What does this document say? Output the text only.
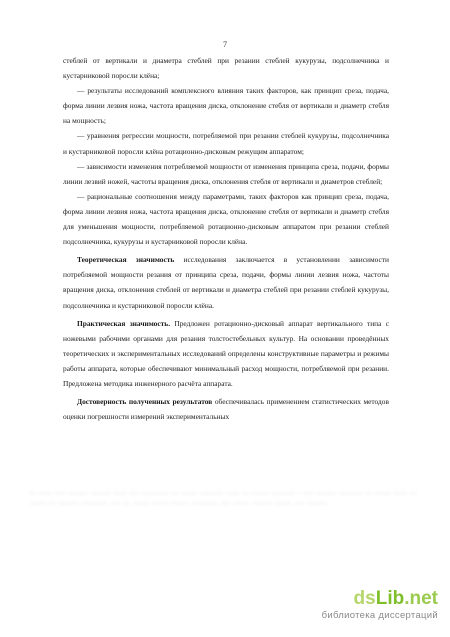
7

стеблей от вертикали и диаметра стеблей при резании стеблей кукурузы, подсолнечника и кустарниковой поросли клёна;

— результаты исследований комплексного влияния таких факторов, как принцип среза, подача, форма линии лезвия ножа, частота вращения диска, отклонение стебля от вертикали и диаметр стебля на мощность;

— уравнения регрессии мощности, потребляемой при резании стеблей кукурузы, подсолнечника и кустарниковой поросли клёна ротационно-дисковым режущим аппаратом;

— зависимости изменения потребляемой мощности от изменения принципа среза, подачи, формы линии лезвий ножей, частоты вращения диска, отклонения стебля от вертикали и диаметров стеблей;

— рациональные соотношения между параметрами, таких факторов как принцип среза, подача, форма линии лезвия ножа, частота вращения диска, отклонение стебля от вертикали и диаметр стебля для уменьшения мощности, потребляемой ротационно-дисковым аппаратом при резании стеблей подсолнечника, кукурузы и кустарниковой поросли клёна.

Теоретическая значимость исследования заключается в установлении зависимости потребляемой мощности резания от принципа среза, подачи, формы линии лезвия ножа, частоты вращения диска, отклонения стеблей от вертикали и диаметра стеблей при резании стеблей кукурузы, подсолнечника и кустарниковой поросли клёна.

Практическая значимость. Предложен ротационно-дисковый аппарат вертикального типа с ножевыми рабочими органами для резания толстостебельных культур. На основании проведённых теоретических и экспериментальных исследований определены конструктивные параметры и режимы работы аппарата, которые обеспечивают минимальный расход мощности, потребляемой при резании. Предложена методика инженерного расчёта аппарата.

Достоверность полученных результатов обеспечивалась применением статистических методов оценки погрешности измерений экспериментальных

-- ---- --- ------ ------ ---- --- -------- -- ----- ------- ---- -- ----- ------- - --- ------ ------- -- ----- ---- ------- -- ------ -------- --- -- ----- ----- ----- -------- --- ----- ------ ----- --- ------
dsLib.net
библиотека диссертаций
